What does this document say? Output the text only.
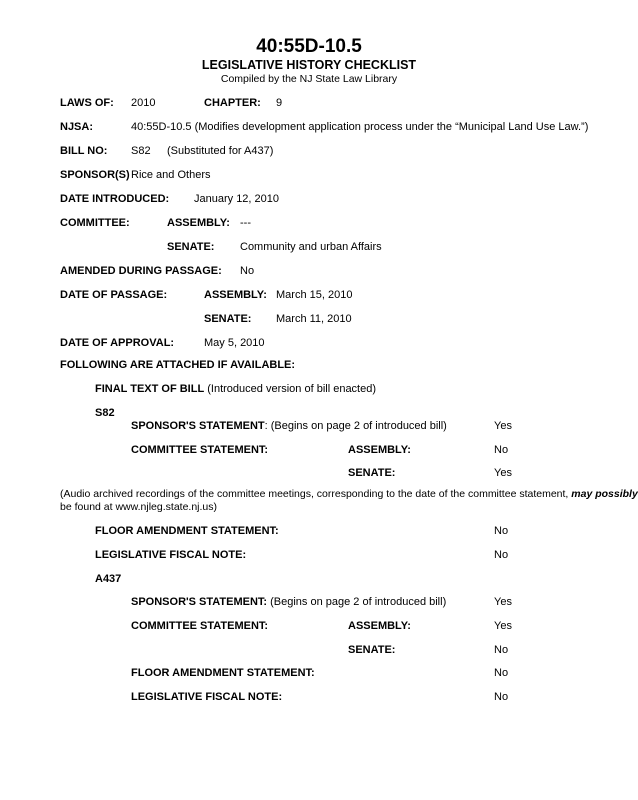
40:55D-10.5
LEGISLATIVE HISTORY CHECKLIST
Compiled by the NJ State Law Library
LAWS OF: 2010	CHAPTER: 9
NJSA:	40:55D-10.5 (Modifies development application process under the “Municipal Land Use Law.”)
BILL NO: S82 (Substituted for A437)
SPONSOR(S) Rice and Others
DATE INTRODUCED: January 12, 2010
COMMITTEE:	ASSEMBLY: ---
SENATE: Community and urban Affairs
AMENDED DURING PASSAGE: No
DATE OF PASSAGE:	ASSEMBLY: March 15, 2010
SENATE: March 11, 2010
DATE OF APPROVAL:	May 5, 2010
FOLLOWING ARE ATTACHED IF AVAILABLE:
FINAL TEXT OF BILL (Introduced version of bill enacted)
S82
SPONSOR'S STATEMENT: (Begins on page 2 of introduced bill)	Yes
COMMITTEE STATEMENT:	ASSEMBLY:	No
SENATE:	Yes
(Audio archived recordings of the committee meetings, corresponding to the date of the committee statement, may possibly
be found at www.njleg.state.nj.us)
FLOOR AMENDMENT STATEMENT:	No
LEGISLATIVE FISCAL NOTE:	No
A437
SPONSOR'S STATEMENT: (Begins on page 2 of introduced bill)	Yes
COMMITTEE STATEMENT:	ASSEMBLY:	Yes
SENATE:	No
FLOOR AMENDMENT STATEMENT:	No
LEGISLATIVE FISCAL NOTE:	No
